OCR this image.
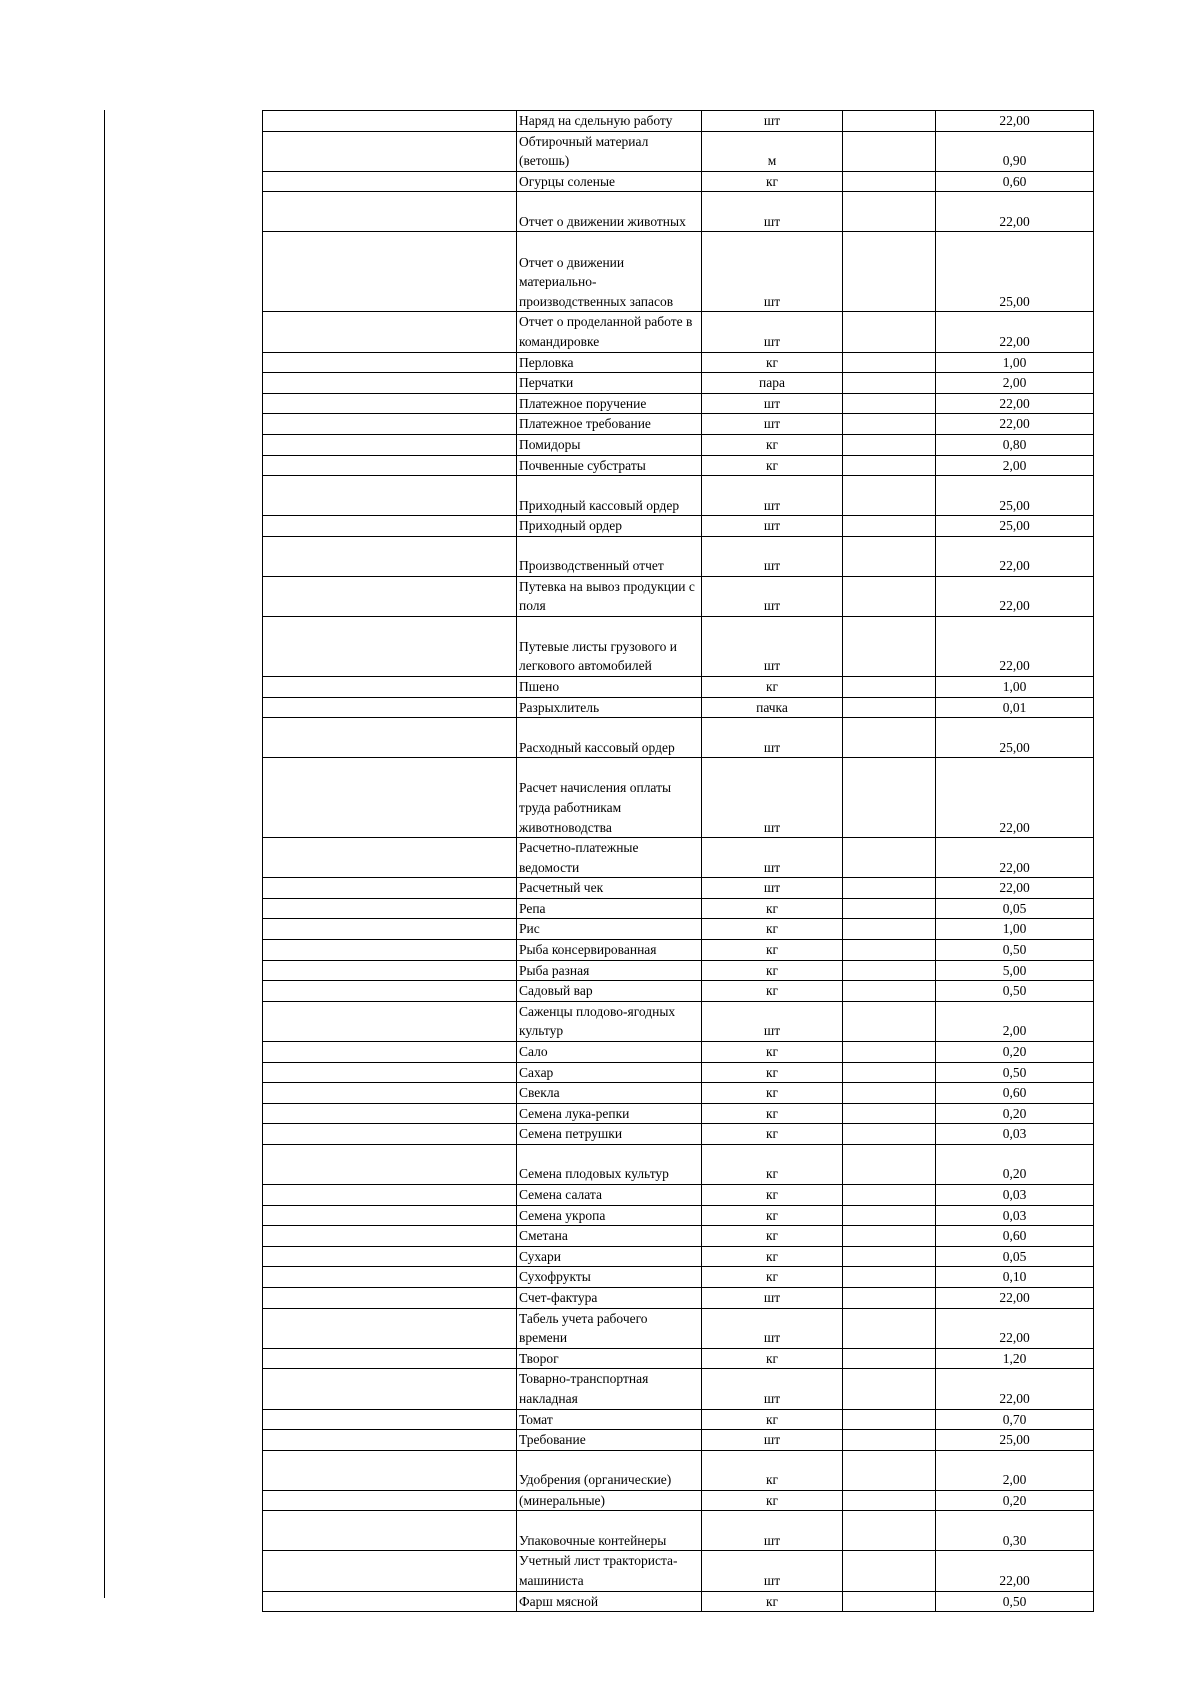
	Наряд на сдельную работу	шт		22,00
	Обтирочный материал (ветошь)	м		0,90
	Огурцы соленые	кг		0,60
	Отчет о движении животных	шт		22,00
	Отчет о движении материально-производственных запасов	шт		25,00
	Отчет о проделанной работе в командировке	шт		22,00
	Перловка	кг		1,00
	Перчатки	пара		2,00
	Платежное поручение	шт		22,00
	Платежное требование	шт		22,00
	Помидоры	кг		0,80
	Почвенные субстраты	кг		2,00
	Приходный кассовый ордер	шт		25,00
	Приходный ордер	шт		25,00
	Производственный отчет	шт		22,00
	Путевка на вывоз продукции с поля	шт		22,00
	Путевые листы грузового и легкового автомобилей	шт		22,00
	Пшено	кг		1,00
	Разрыхлитель	пачка		0,01
	Расходный кассовый ордер	шт		25,00
	Расчет начисления оплаты труда работникам животноводства	шт		22,00
	Расчетно-платежные ведомости	шт		22,00
	Расчетный чек	шт		22,00
	Репа	кг		0,05
	Рис	кг		1,00
	Рыба консервированная	кг		0,50
	Рыба разная	кг		5,00
	Садовый вар	кг		0,50
	Саженцы плодово-ягодных культур	шт		2,00
	Сало	кг		0,20
	Сахар	кг		0,50
	Свекла	кг		0,60
	Семена лука-репки	кг		0,20
	Семена петрушки	кг		0,03
	Семена плодовых культур	кг		0,20
	Семена салата	кг		0,03
	Семена укропа	кг		0,03
	Сметана	кг		0,60
	Сухари	кг		0,05
	Сухофрукты	кг		0,10
	Счет-фактура	шт		22,00
	Табель учета рабочего времени	шт		22,00
	Творог	кг		1,20
	Товарно-транспортная накладная	шт		22,00
	Томат	кг		0,70
	Требование	шт		25,00
	Удобрения (органические)	кг		2,00
	(минеральные)	кг		0,20
	Упаковочные контейнеры	шт		0,30
	Учетный лист тракториста-машиниста	шт		22,00
	Фарш мясной	кг		0,50
